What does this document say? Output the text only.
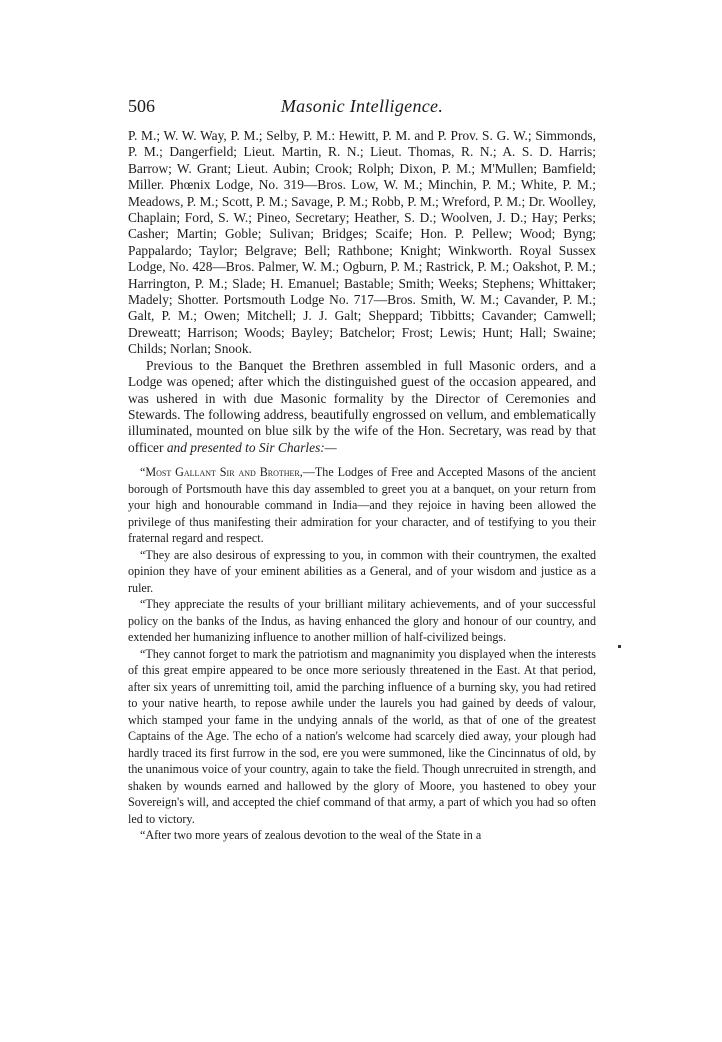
506	Masonic Intelligence.

P. M.; W. W. Way, P. M.; Selby, P. M.: Hewitt, P. M. and P. Prov. S. G. W.; Simmonds, P. M.; Dangerfield; Lieut. Martin, R. N.; Lieut. Thomas, R. N.; A. S. D. Harris; Barrow; W. Grant; Lieut. Aubin; Crook; Rolph; Dixon, P. M.; M'Mullen; Bamfield; Miller. Phœnix Lodge, No. 319—Bros. Low, W. M.; Minchin, P. M.; White, P. M.; Meadows, P. M.; Scott, P. M.; Savage, P. M.; Robb, P. M.; Wreford, P. M.; Dr. Woolley, Chaplain; Ford, S. W.; Pineo, Secretary; Heather, S. D.; Woolven, J. D.; Hay; Perks; Casher; Martin; Goble; Sulivan; Bridges; Scaife; Hon. P. Pellew; Wood; Byng; Pappalardo; Taylor; Belgrave; Bell; Rathbone; Knight; Winkworth. Royal Sussex Lodge, No. 428—Bros. Palmer, W. M.; Ogburn, P. M.; Rastrick, P. M.; Oakshot, P. M.; Harrington, P. M.; Slade; H. Emanuel; Bastable; Smith; Weeks; Stephens; Whittaker; Madely; Shotter. Portsmouth Lodge No. 717—Bros. Smith, W. M.; Cavander, P. M.; Galt, P. M.; Owen; Mitchell; J. J. Galt; Sheppard; Tibbitts; Cavander; Camwell; Dreweatt; Harrison; Woods; Bayley; Batchelor; Frost; Lewis; Hunt; Hall; Swaine; Childs; Norlan; Snook.

Previous to the Banquet the Brethren assembled in full Masonic orders, and a Lodge was opened; after which the distinguished guest of the occasion appeared, and was ushered in with due Masonic formality by the Director of Ceremonies and Stewards. The following address, beautifully engrossed on vellum, and emblematically illuminated, mounted on blue silk by the wife of the Hon. Secretary, was read by that officer and presented to Sir Charles:—

“Most Gallant Sir and Brother,—The Lodges of Free and Accepted Masons of the ancient borough of Portsmouth have this day assembled to greet you at a banquet, on your return from your high and honourable command in India—and they rejoice in having been allowed the privilege of thus manifesting their admiration for your character, and of testifying to you their fraternal regard and respect.

“They are also desirous of expressing to you, in common with their countrymen, the exalted opinion they have of your eminent abilities as a General, and of your wisdom and justice as a ruler.

“They appreciate the results of your brilliant military achievements, and of your successful policy on the banks of the Indus, as having enhanced the glory and honour of our country, and extended her humanizing influence to another million of half-civilized beings.

“They cannot forget to mark the patriotism and magnanimity you displayed when the interests of this great empire appeared to be once more seriously threatened in the East. At that period, after six years of unremitting toil, amid the parching influence of a burning sky, you had retired to your native hearth, to repose awhile under the laurels you had gained by deeds of valour, which stamped your fame in the undying annals of the world, as that of one of the greatest Captains of the Age. The echo of a nation's welcome had scarcely died away, your plough had hardly traced its first furrow in the sod, ere you were summoned, like the Cincinnatus of old, by the unanimous voice of your country, again to take the field. Though unrecruited in strength, and shaken by wounds earned and hallowed by the glory of Moore, you hastened to obey your Sovereign's will, and accepted the chief command of that army, a part of which you had so often led to victory.

“After two more years of zealous devotion to the weal of the State in a
